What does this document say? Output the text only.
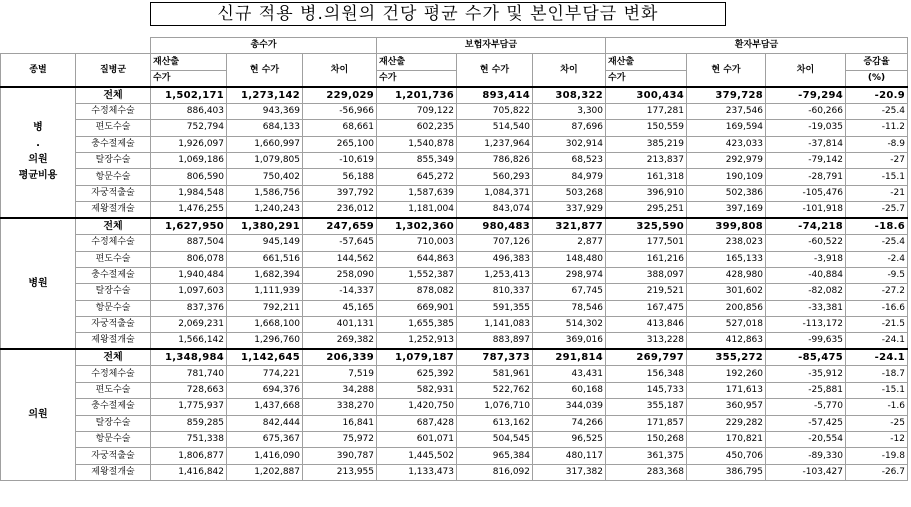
신규 적용 병.의원의 건당 평균 수가 및 본인부담금 변화
		총수가			보험자부담금			환자부담금			
종별	질병군	재산출	현 수가	차이	재산출	현 수가	차이	재산출	현 수가	차이	증감율
		수가			수가			수가			(%)

병
.
의원
평균비용	전체	1,502,171	1,273,142	229,029	1,201,736	893,414	308,322	300,434	379,728	-79,294	-20.9
	수정체수술	886,403	943,369	-56,966	709,122	705,822	3,300	177,281	237,546	-60,266	-25.4
	편도수술	752,794	684,133	68,661	602,235	514,540	87,696	150,559	169,594	-19,035	-11.2
	충수절제술	1,926,097	1,660,997	265,100	1,540,878	1,237,964	302,914	385,219	423,033	-37,814	-8.9
	탈장수술	1,069,186	1,079,805	-10,619	855,349	786,826	68,523	213,837	292,979	-79,142	-27
	항문수술	806,590	750,402	56,188	645,272	560,293	84,979	161,318	190,109	-28,791	-15.1
	자궁적출술	1,984,548	1,586,756	397,792	1,587,639	1,084,371	503,268	396,910	502,386	-105,476	-21
	제왕절개술	1,476,255	1,240,243	236,012	1,181,004	843,074	337,929	295,251	397,169	-101,918	-25.7

병원	전체	1,627,950	1,380,291	247,659	1,302,360	980,483	321,877	325,590	399,808	-74,218	-18.6
	수정체수술	887,504	945,149	-57,645	710,003	707,126	2,877	177,501	238,023	-60,522	-25.4
	편도수술	806,078	661,516	144,562	644,863	496,383	148,480	161,216	165,133	-3,918	-2.4
	충수절제술	1,940,484	1,682,394	258,090	1,552,387	1,253,413	298,974	388,097	428,980	-40,884	-9.5
	탈장수술	1,097,603	1,111,939	-14,337	878,082	810,337	67,745	219,521	301,602	-82,082	-27.2
	항문수술	837,376	792,211	45,165	669,901	591,355	78,546	167,475	200,856	-33,381	-16.6
	자궁적출술	2,069,231	1,668,100	401,131	1,655,385	1,141,083	514,302	413,846	527,018	-113,172	-21.5
	제왕절개술	1,566,142	1,296,760	269,382	1,252,913	883,897	369,016	313,228	412,863	-99,635	-24.1

의원	전체	1,348,984	1,142,645	206,339	1,079,187	787,373	291,814	269,797	355,272	-85,475	-24.1
	수정체수술	781,740	774,221	7,519	625,392	581,961	43,431	156,348	192,260	-35,912	-18.7
	편도수술	728,663	694,376	34,288	582,931	522,762	60,168	145,733	171,613	-25,881	-15.1
	충수절제술	1,775,937	1,437,668	338,270	1,420,750	1,076,710	344,039	355,187	360,957	-5,770	-1.6
	탈장수술	859,285	842,444	16,841	687,428	613,162	74,266	171,857	229,282	-57,425	-25
	항문수술	751,338	675,367	75,972	601,071	504,545	96,525	150,268	170,821	-20,554	-12
	자궁적출술	1,806,877	1,416,090	390,787	1,445,502	965,384	480,117	361,375	450,706	-89,330	-19.8
	제왕절개술	1,416,842	1,202,887	213,955	1,133,473	816,092	317,382	283,368	386,795	-103,427	-26.7
